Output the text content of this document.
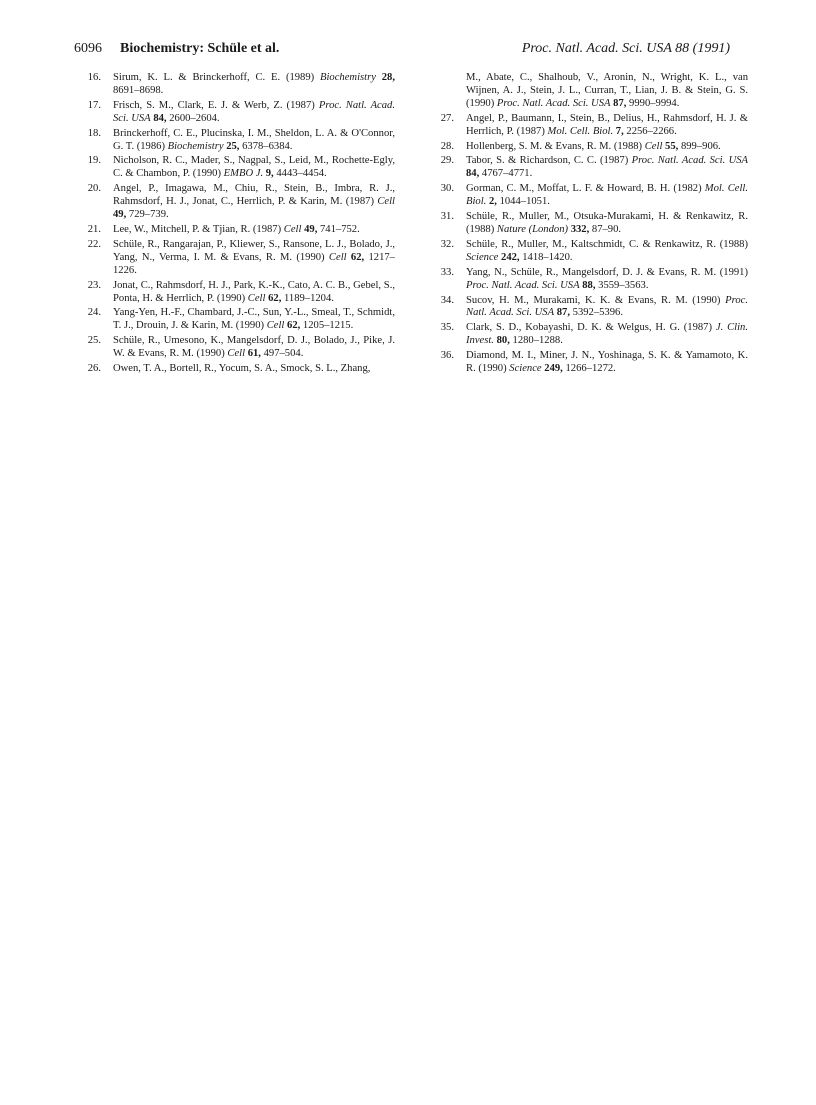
6096 Biochemistry: Schüle et al.	Proc. Natl. Acad. Sci. USA 88 (1991)
16. Sirum, K. L. & Brinckerhoff, C. E. (1989) Biochemistry 28, 8691–8698.
17. Frisch, S. M., Clark, E. J. & Werb, Z. (1987) Proc. Natl. Acad. Sci. USA 84, 2600–2604.
18. Brinckerhoff, C. E., Plucinska, I. M., Sheldon, L. A. & O'Connor, G. T. (1986) Biochemistry 25, 6378–6384.
19. Nicholson, R. C., Mader, S., Nagpal, S., Leid, M., Rochette-Egly, C. & Chambon, P. (1990) EMBO J. 9, 4443–4454.
20. Angel, P., Imagawa, M., Chiu, R., Stein, B., Imbra, R. J., Rahmsdorf, H. J., Jonat, C., Herrlich, P. & Karin, M. (1987) Cell 49, 729–739.
21. Lee, W., Mitchell, P. & Tjian, R. (1987) Cell 49, 741–752.
22. Schüle, R., Rangarajan, P., Kliewer, S., Ransone, L. J., Bolado, J., Yang, N., Verma, I. M. & Evans, R. M. (1990) Cell 62, 1217–1226.
23. Jonat, C., Rahmsdorf, H. J., Park, K.-K., Cato, A. C. B., Gebel, S., Ponta, H. & Herrlich, P. (1990) Cell 62, 1189–1204.
24. Yang-Yen, H.-F., Chambard, J.-C., Sun, Y.-L., Smeal, T., Schmidt, T. J., Drouin, J. & Karin, M. (1990) Cell 62, 1205–1215.
25. Schüle, R., Umesono, K., Mangelsdorf, D. J., Bolado, J., Pike, J. W. & Evans, R. M. (1990) Cell 61, 497–504.
26. Owen, T. A., Bortell, R., Yocum, S. A., Smock, S. L., Zhang,
M., Abate, C., Shalhoub, V., Aronin, N., Wright, K. L., van Wijnen, A. J., Stein, J. L., Curran, T., Lian, J. B. & Stein, G. S. (1990) Proc. Natl. Acad. Sci. USA 87, 9990–9994.
27. Angel, P., Baumann, I., Stein, B., Delius, H., Rahmsdorf, H. J. & Herrlich, P. (1987) Mol. Cell. Biol. 7, 2256–2266.
28. Hollenberg, S. M. & Evans, R. M. (1988) Cell 55, 899–906.
29. Tabor, S. & Richardson, C. C. (1987) Proc. Natl. Acad. Sci. USA 84, 4767–4771.
30. Gorman, C. M., Moffat, L. F. & Howard, B. H. (1982) Mol. Cell. Biol. 2, 1044–1051.
31. Schüle, R., Muller, M., Otsuka-Murakami, H. & Renkawitz, R. (1988) Nature (London) 332, 87–90.
32. Schüle, R., Muller, M., Kaltschmidt, C. & Renkawitz, R. (1988) Science 242, 1418–1420.
33. Yang, N., Schüle, R., Mangelsdorf, D. J. & Evans, R. M. (1991) Proc. Natl. Acad. Sci. USA 88, 3559–3563.
34. Sucov, H. M., Murakami, K. K. & Evans, R. M. (1990) Proc. Natl. Acad. Sci. USA 87, 5392–5396.
35. Clark, S. D., Kobayashi, D. K. & Welgus, H. G. (1987) J. Clin. Invest. 80, 1280–1288.
36. Diamond, M. I., Miner, J. N., Yoshinaga, S. K. & Yamamoto, K. R. (1990) Science 249, 1266–1272.
